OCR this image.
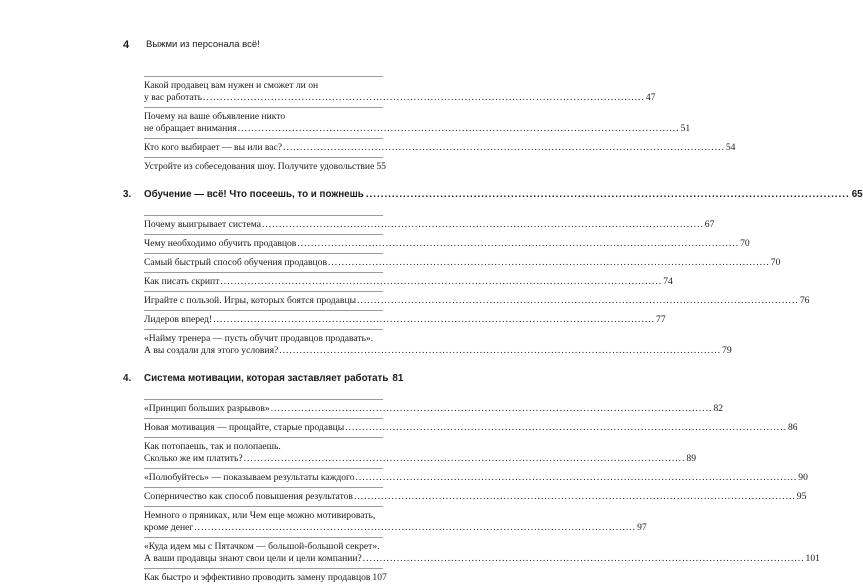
4 Выжми из персонала всё!
Какой продавец вам нужен и сможет ли он
у вас работать .....	47
Почему на ваше объявление никто
не обращает внимания .....	51
Кто кого выбирает — вы или вас? .....	54
Устройте из собеседования шоу. Получите удовольствие 55
3.	Обучение — всё! Что посеешь, то и пожнешь .....	65
Почему выигрывает система .....	67
Чему необходимо обучить продавцов .....	70
Самый быстрый способ обучения продавцов .....	70
Как писать скрипт .....	74
Играйте с пользой. Игры, которых боятся продавцы .....	76
Лидеров вперед! .....	77
«Найму тренера — пусть обучит продавцов продавать».
А вы создали для этого условия? .....	79
4.	Система мотивации, которая заставляет работать 81
«Принцип больших разрывов» .....	82
Новая мотивация — прощайте, старые продавцы .....	86
Как потопаешь, так и полопаешь.
Сколько же им платить? .....	89
«Полюбуйтесь» — показываем результаты каждого .....	90
Соперничество как способ повышения результатов .....	95
Немного о пряниках, или Чем еще можно мотивировать,
кроме денег .....	97
«Куда идем мы с Пятачком — большой-большой секрет».
А ваши продавцы знают свои цели и цели компании? .....	101
Как быстро и эффективно проводить замену продавцов 107
